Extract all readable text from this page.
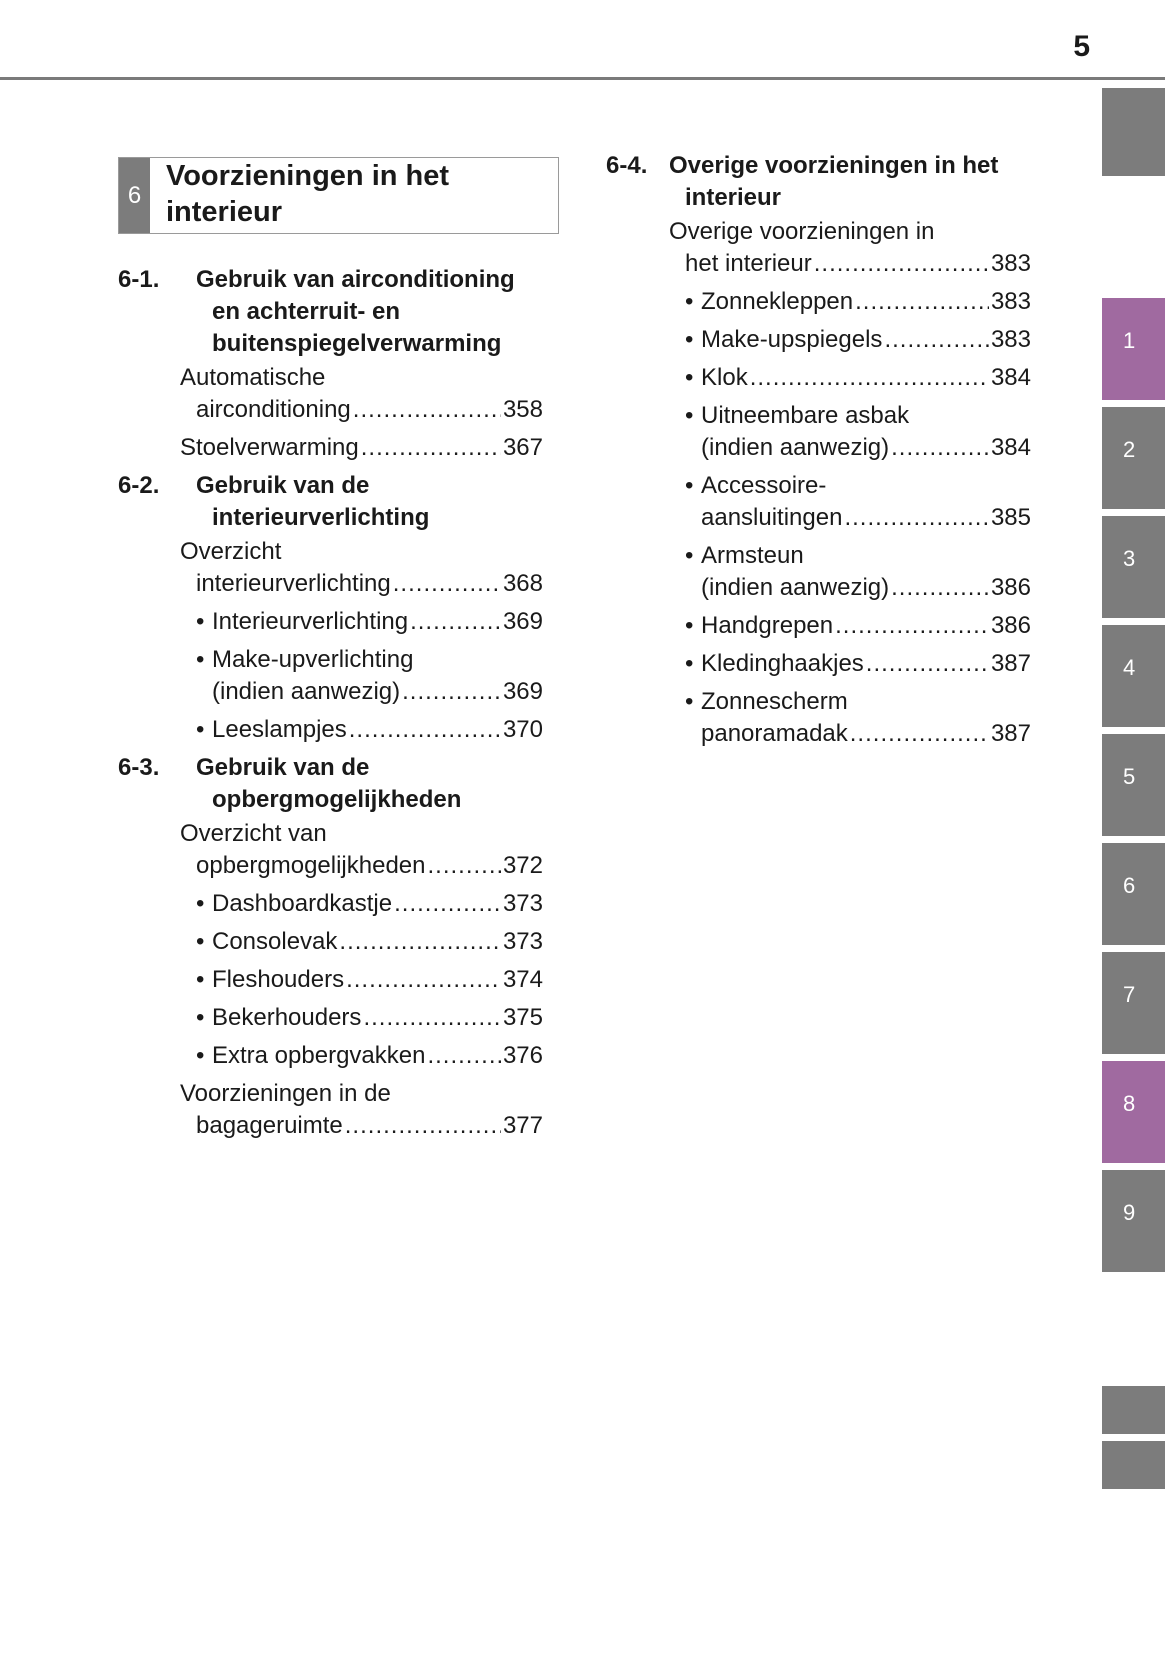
5
1
2
3
4
5
6
7
8
9
6
Voorzieningen in het interieur
6-1. Gebruik van airconditioning en achterruit- en buitenspiegelverwarming
Automatische
airconditioning .....	358
Stoelverwarming .....	367
6-2. Gebruik van de interieurverlichting
Overzicht
interieurverlichting .....	368
• Interieurverlichting .....	369
• Make-upverlichting
(indien aanwezig) .....	369
• Leeslampjes .....	370
6-3. Gebruik van de opbergmogelijkheden
Overzicht van
opbergmogelijkheden .....	372
• Dashboardkastje .....	373
• Consolevak .....	373
• Fleshouders .....	374
• Bekerhouders .....	375
• Extra opbergvakken .....	376
Voorzieningen in de
bagageruimte .....	377
6-4. Overige voorzieningen in het interieur
Overige voorzieningen in
het interieur .....	383
• Zonnekleppen .....	383
• Make-upspiegels .....	383
• Klok .....	384
• Uitneembare asbak
(indien aanwezig) .....	384
• Accessoire-
aansluitingen .....	385
• Armsteun
(indien aanwezig) .....	386
• Handgrepen .....	386
• Kledinghaakjes .....	387
• Zonnescherm
panoramadak .....	387
